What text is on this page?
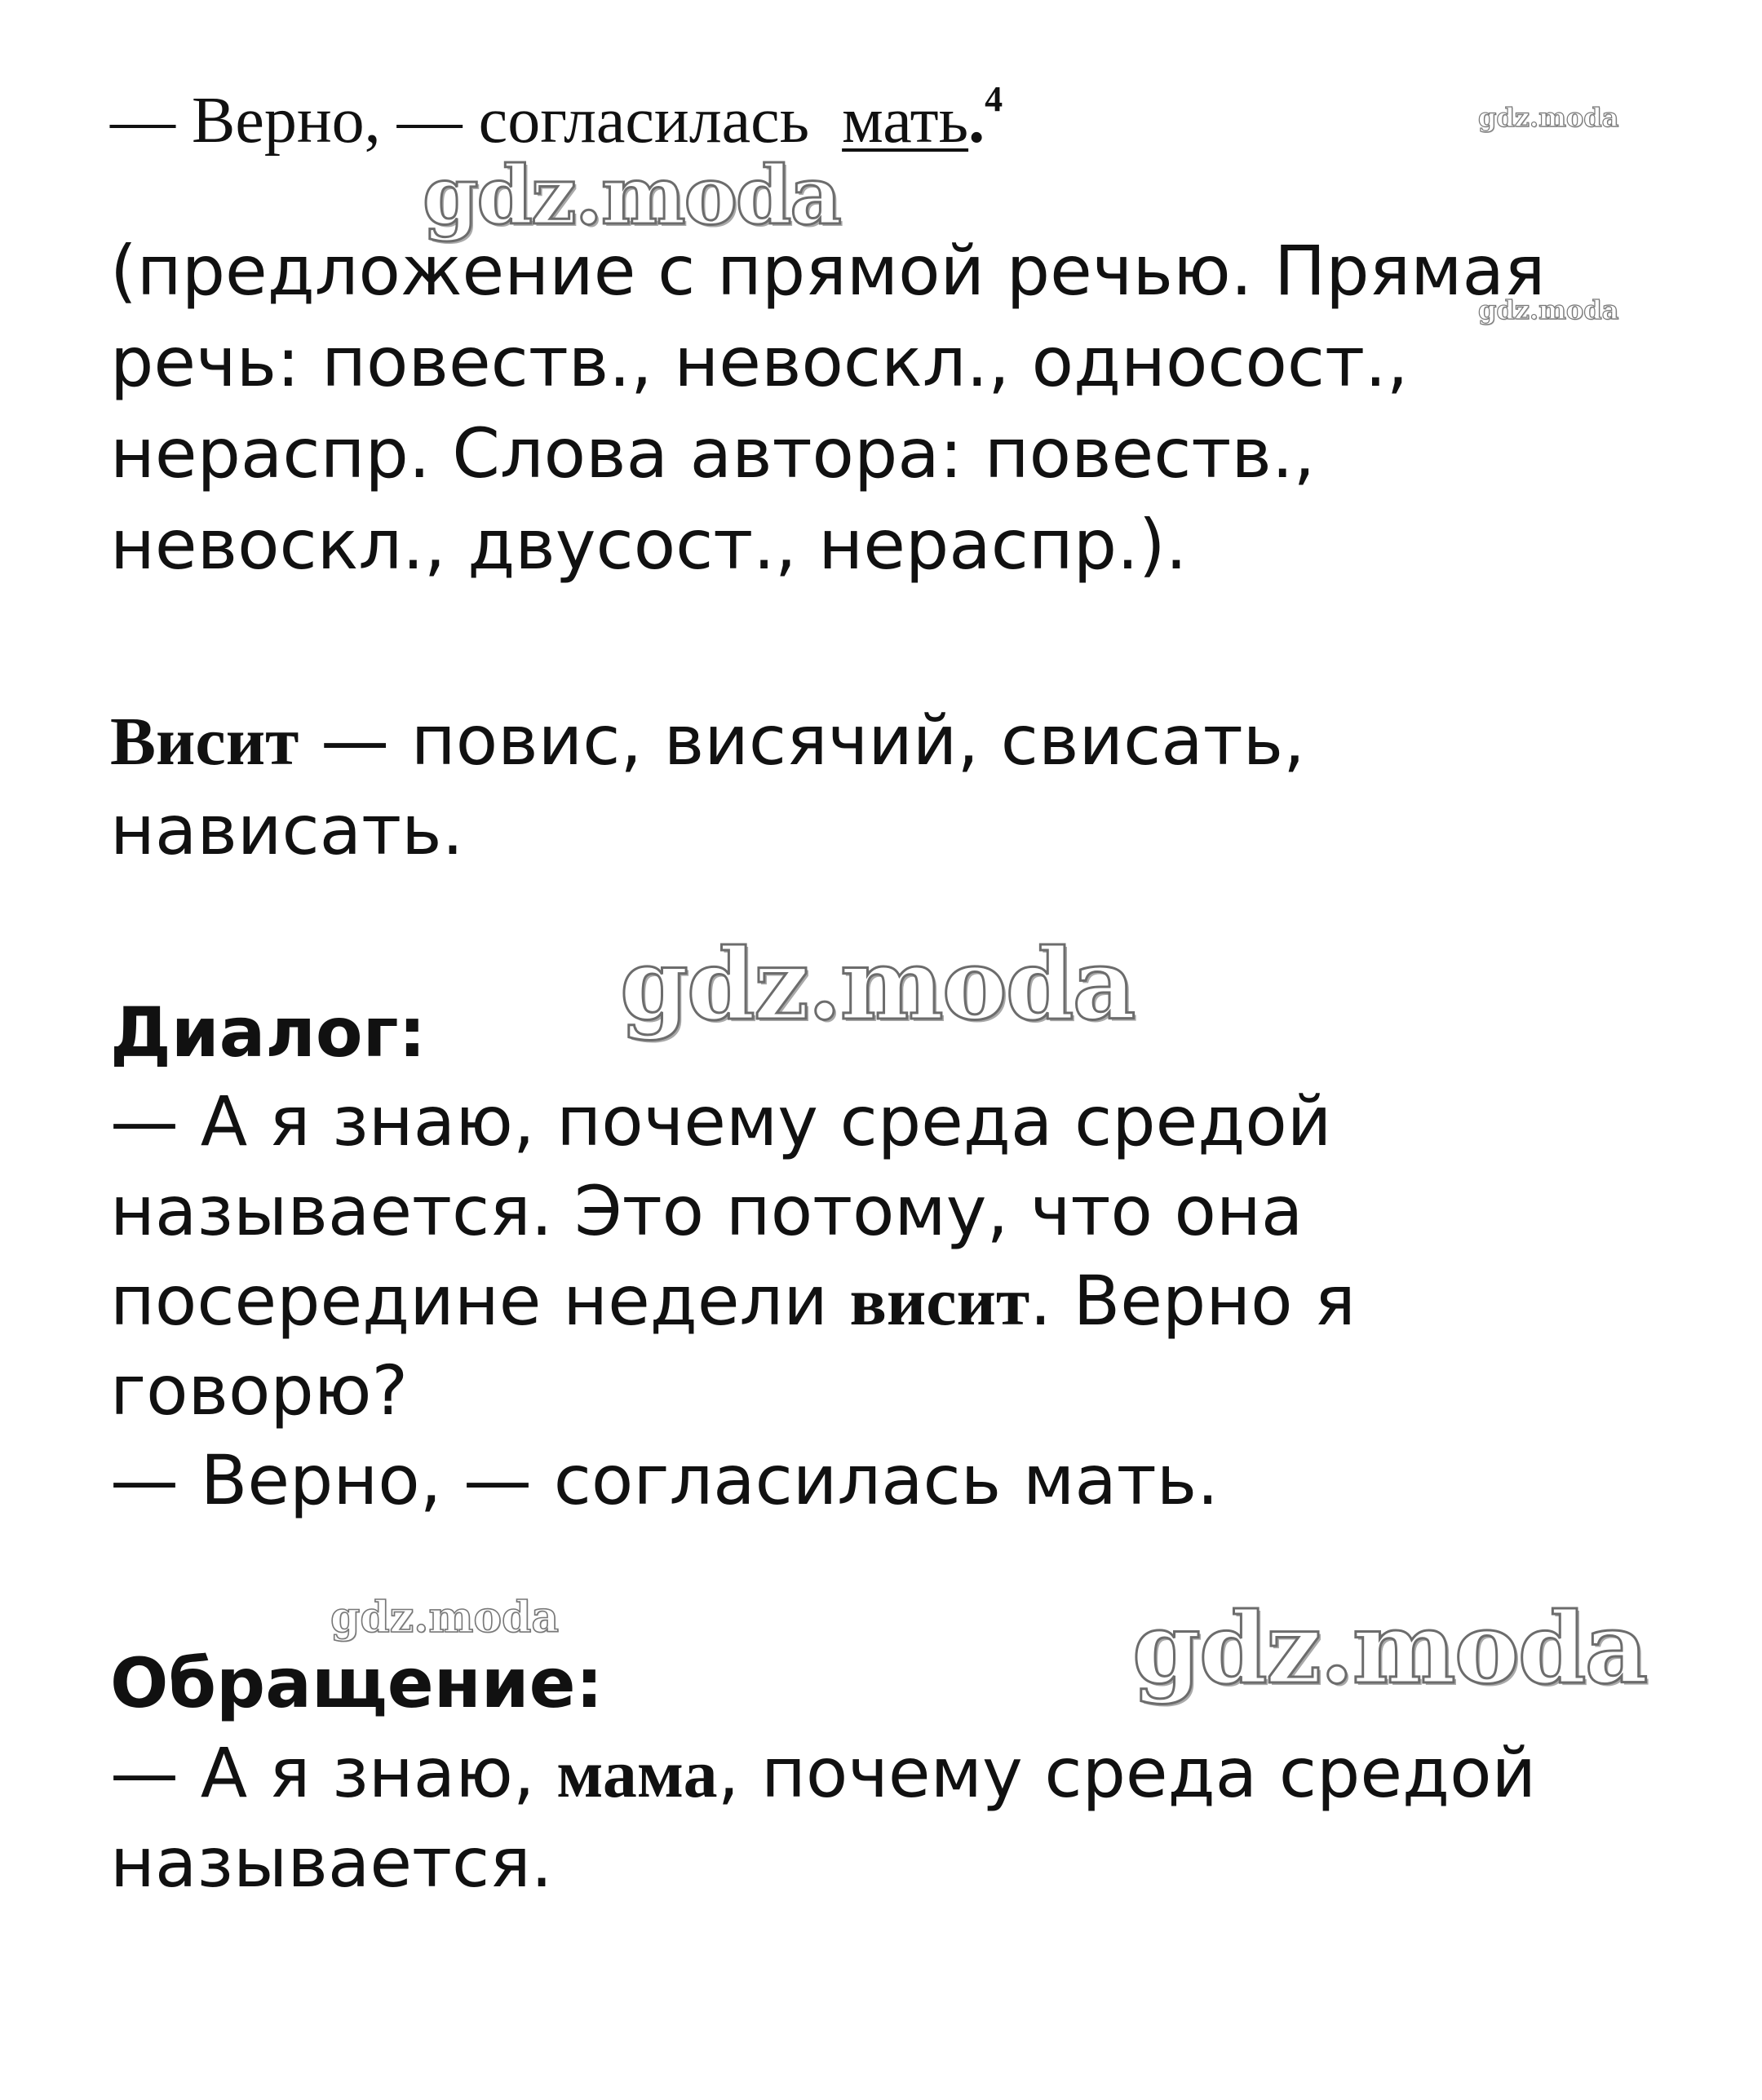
gdz.moda
gdz.moda
gdz.moda
gdz.moda
gdz.moda	gdz.moda
— Верно, — согласилась  мать.$^4$
(предложение с прямой речью. Прямая
речь: повеств., невоскл., односост.,
нераспр. Слова автора: повеств.,
невоскл., двусост., нераспр.).
Висит — повис, висячий, свисать,
нависать.
Диалог:
— А я знаю, почему среда средой
называется. Это потому, что она
посередине недели висит. Верно я
говорю?
— Верно, — согласилась мать.
Обращение:
— А я знаю, мама, почему среда средой
называется.
